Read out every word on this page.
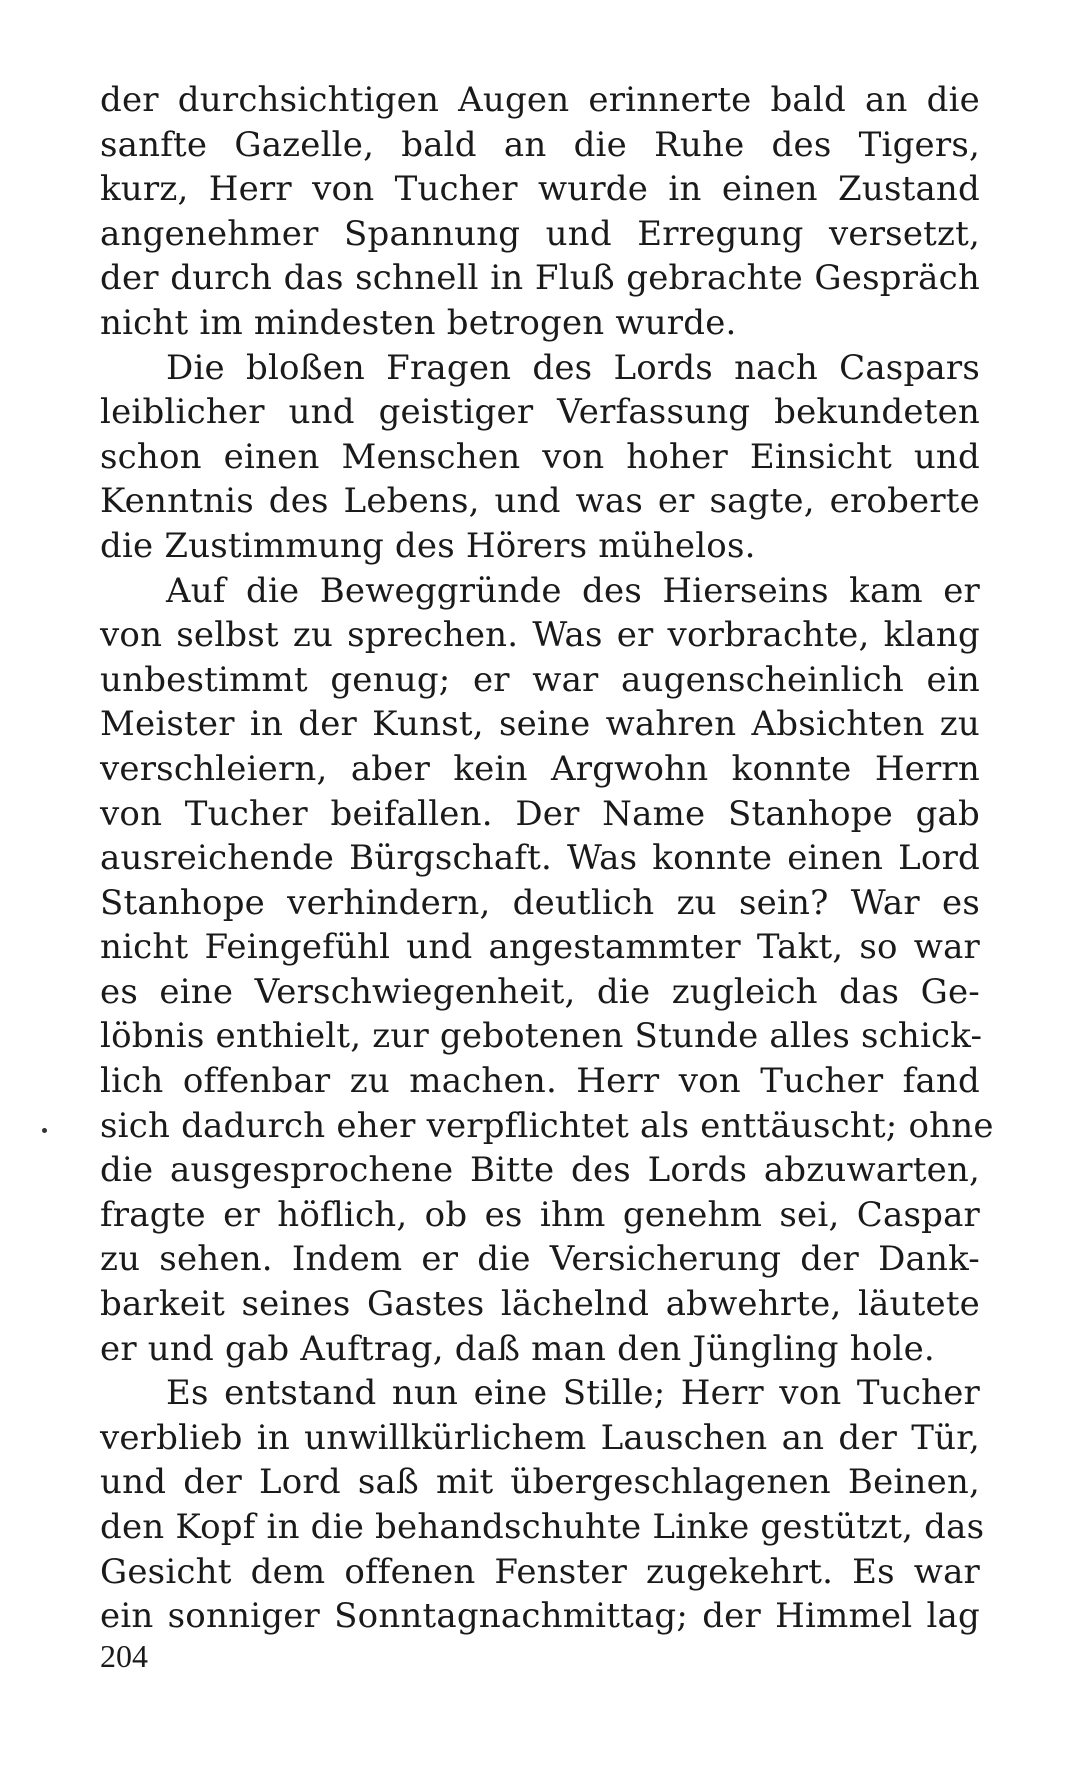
der durchsichtigen Augen erinnerte bald an die
sanfte Gazelle, bald an die Ruhe des Tigers,
kurz, Herr von Tucher wurde in einen Zustand
angenehmer Spannung und Erregung versetzt,
der durch das schnell in Fluß gebrachte Gespräch
nicht im mindesten betrogen wurde.
Die bloßen Fragen des Lords nach Caspars
leiblicher und geistiger Verfassung bekundeten
schon einen Menschen von hoher Einsicht und
Kenntnis des Lebens, und was er sagte, eroberte
die Zustimmung des Hörers mühelos.
Auf die Beweggründe des Hierseins kam er
von selbst zu sprechen. Was er vorbrachte, klang
unbestimmt genug; er war augenscheinlich ein
Meister in der Kunst, seine wahren Absichten zu
verschleiern, aber kein Argwohn konnte Herrn
von Tucher beifallen. Der Name Stanhope gab
ausreichende Bürgschaft. Was konnte einen Lord
Stanhope verhindern, deutlich zu sein? War es
nicht Feingefühl und angestammter Takt, so war
es eine Verschwiegenheit, die zugleich das Ge-
löbnis enthielt, zur gebotenen Stunde alles schick-
lich offenbar zu machen. Herr von Tucher fand
sich dadurch eher verpflichtet als enttäuscht; ohne
die ausgesprochene Bitte des Lords abzuwarten,
fragte er höflich, ob es ihm genehm sei, Caspar
zu sehen. Indem er die Versicherung der Dank-
barkeit seines Gastes lächelnd abwehrte, läutete
er und gab Auftrag, daß man den Jüngling hole.
Es entstand nun eine Stille; Herr von Tucher
verblieb in unwillkürlichem Lauschen an der Tür,
und der Lord saß mit übergeschlagenen Beinen,
den Kopf in die behandschuhte Linke gestützt, das
Gesicht dem offenen Fenster zugekehrt. Es war
ein sonniger Sonntagnachmittag; der Himmel lag
204
